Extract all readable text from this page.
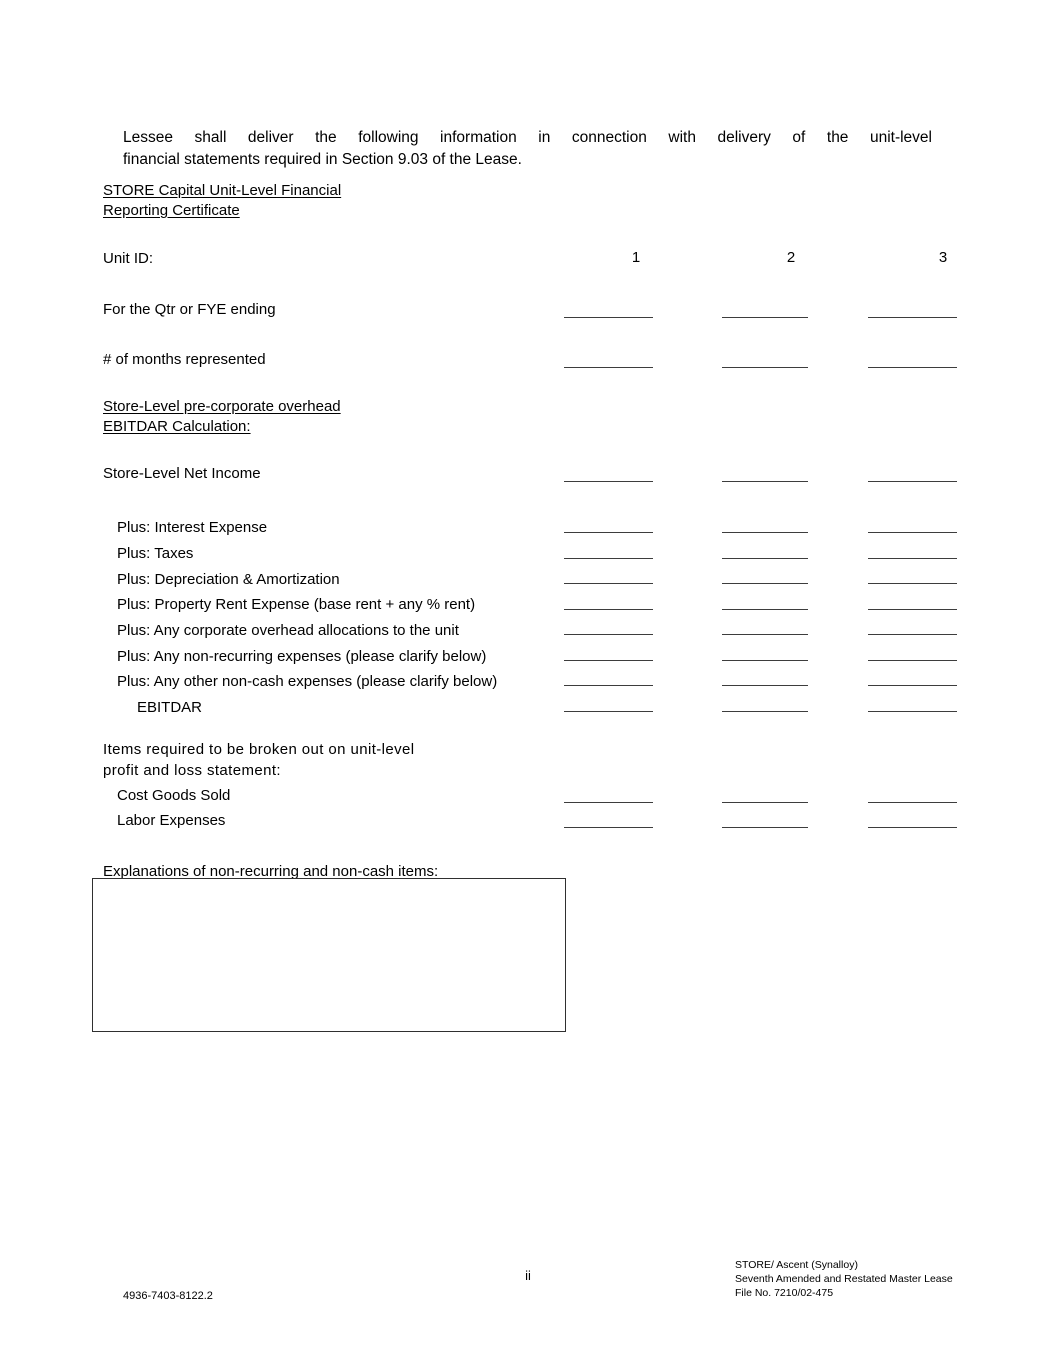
Lessee shall deliver the following information in connection with delivery of the unit-level
financial statements required in Section 9.03 of the Lease.
STORE Capital Unit-Level Financial
Reporting Certificate
Unit ID:	1	2	3
For the Qtr or FYE ending
# of months represented
Store-Level pre-corporate overhead
EBITDAR Calculation:
Store-Level Net Income
Plus: Interest Expense
Plus: Taxes
Plus: Depreciation & Amortization
Plus: Property Rent Expense (base rent + any % rent)
Plus: Any corporate overhead allocations to the unit
Plus: Any non-recurring expenses (please clarify below)
Plus: Any other non-cash expenses (please clarify below)
EBITDAR
Items required to be broken out on unit-level
profit and loss statement:
Cost Goods Sold
Labor Expenses
Explanations of non-recurring and non-cash items:
4936-7403-8122.2
ii
STORE/ Ascent (Synalloy)
Seventh Amended and Restated Master Lease
File No. 7210/02-475
